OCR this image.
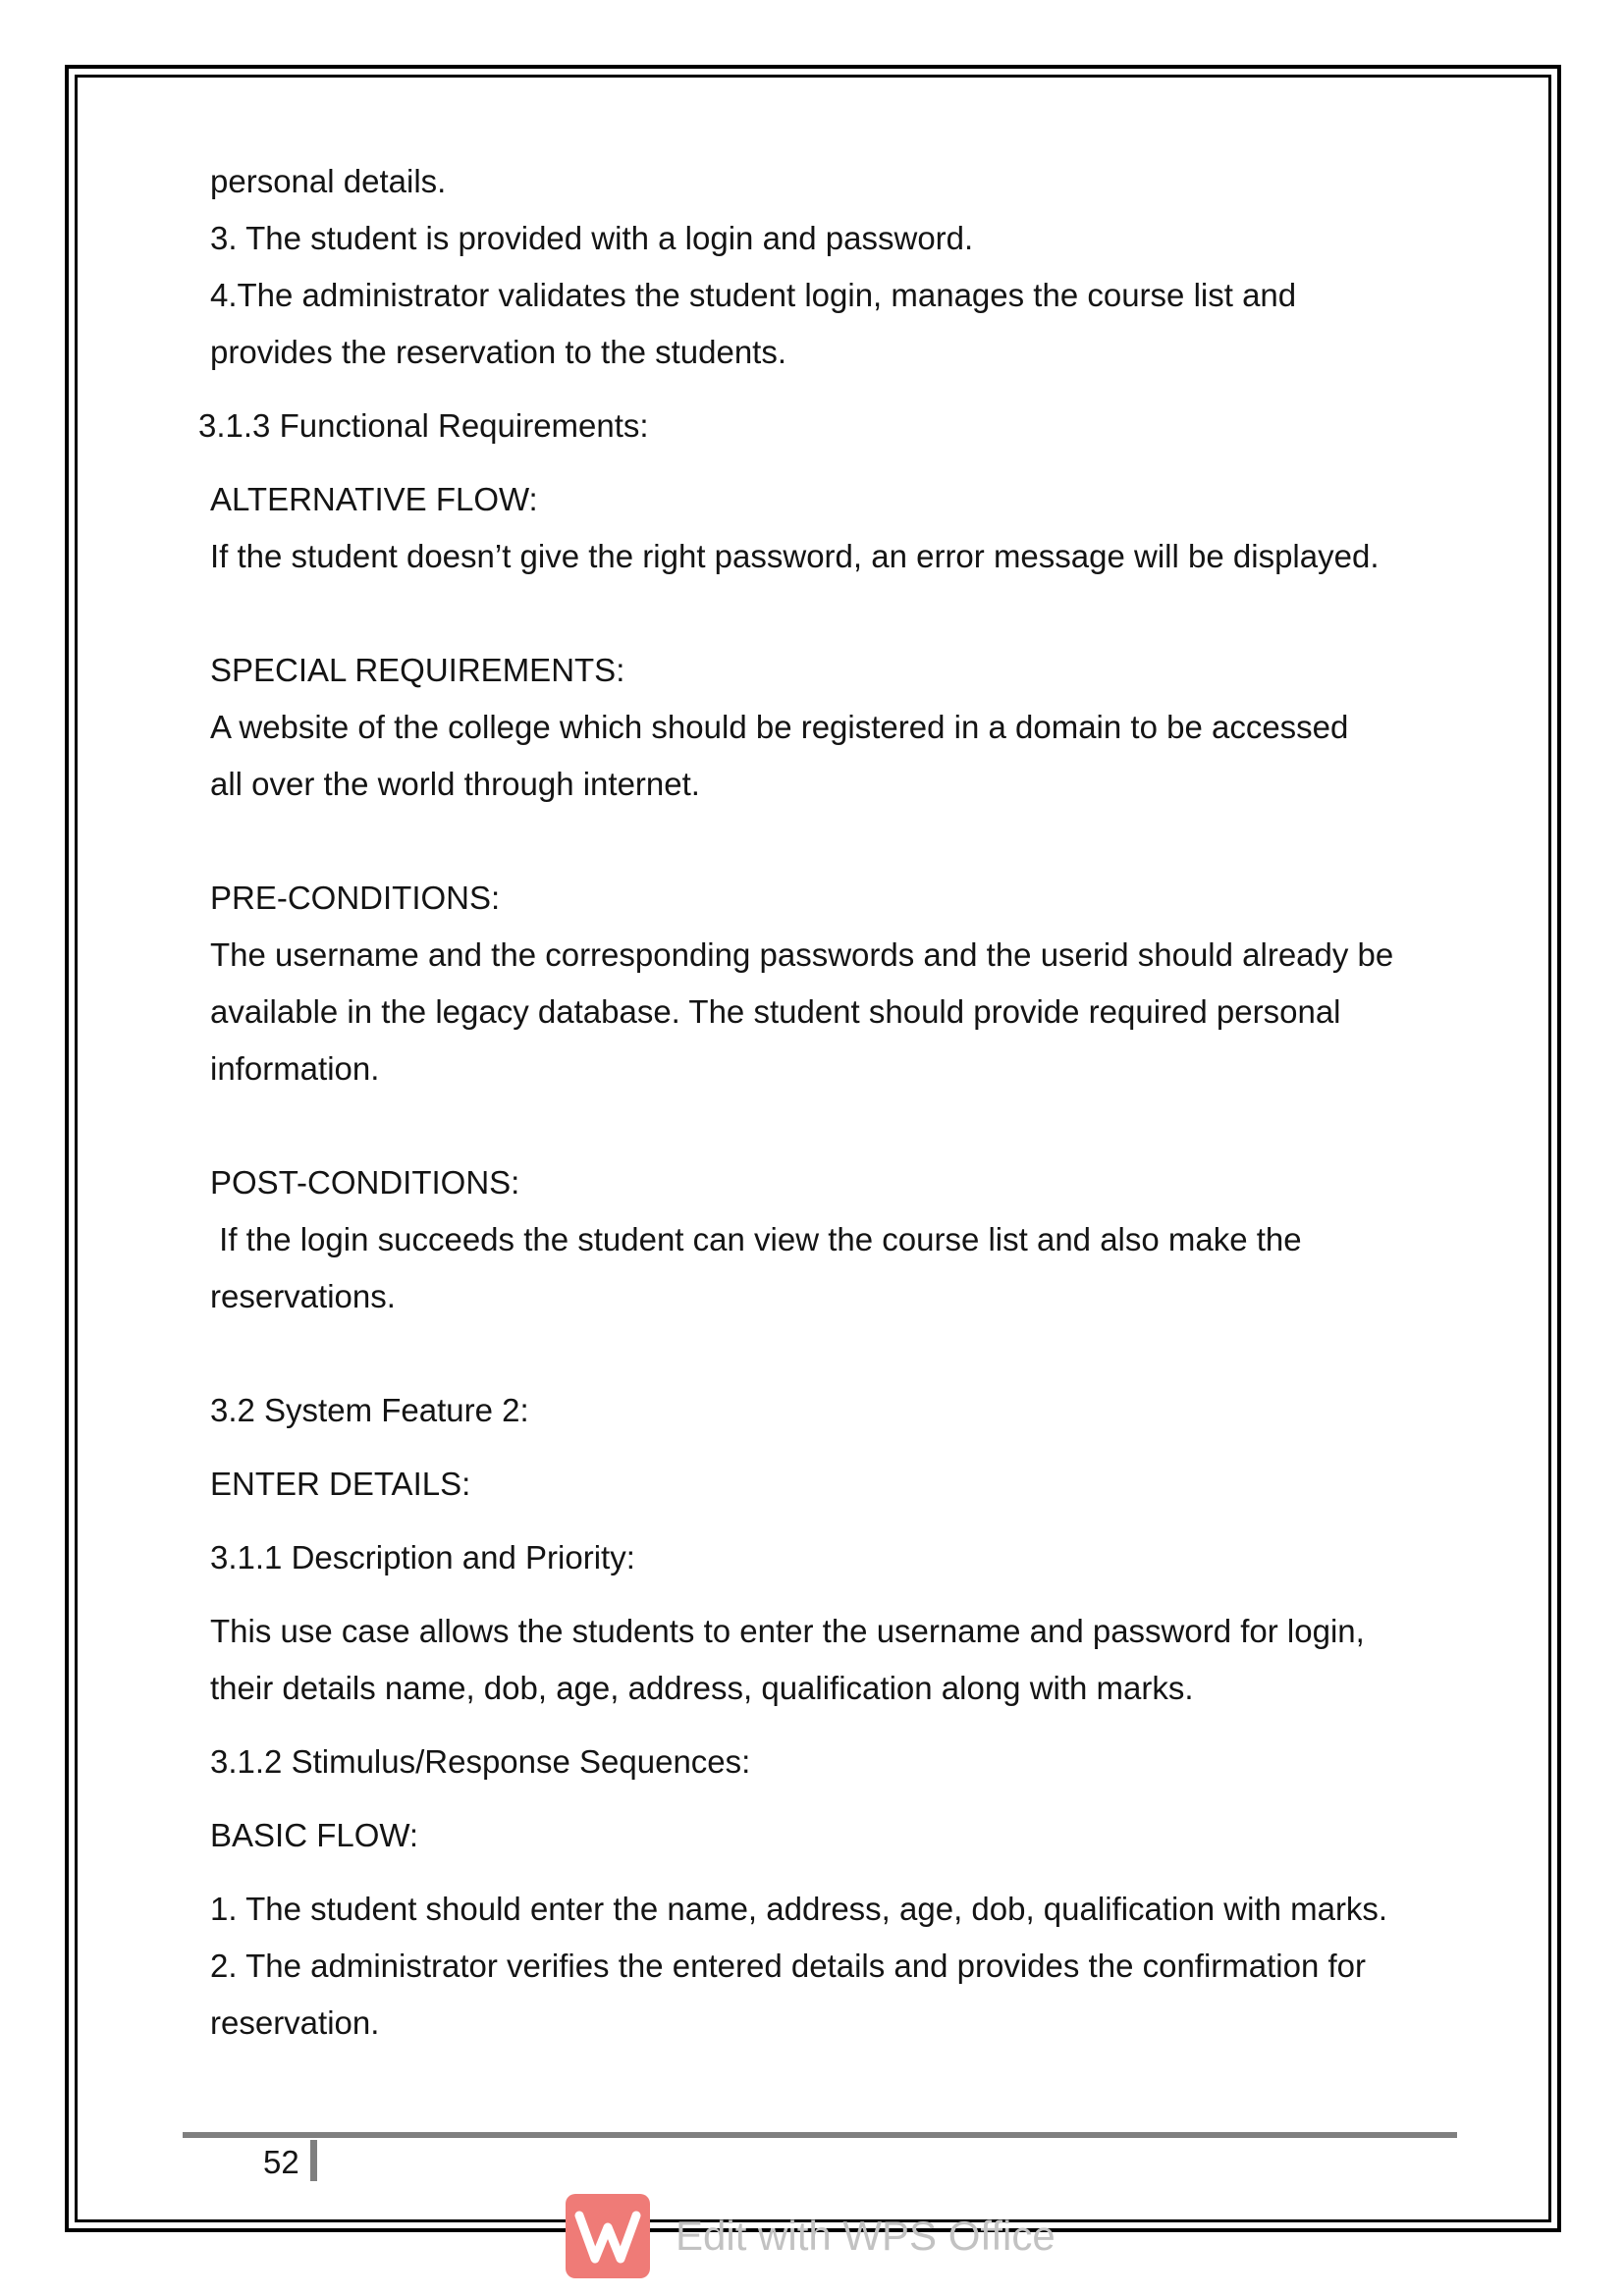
personal details.
3. The student is provided with a login and password.
4.The administrator validates the student login, manages the course list and
provides the reservation to the students.
3.1.3 Functional Requirements:
ALTERNATIVE FLOW:
If the student doesn’t give the right password, an error message will be displayed.
SPECIAL REQUIREMENTS:
A website of the college which should be registered in a domain to be accessed
all over the world through internet.
PRE-CONDITIONS:
The username and the corresponding passwords and the userid should already be
available in the legacy database. The student should provide required personal
information.
POST-CONDITIONS:
If the login succeeds the student can view the course list and also make the
reservations.
3.2 System Feature 2:
ENTER DETAILS:
3.1.1 Description and Priority:
This use case allows the students to enter the username and password for login,
their details name, dob, age, address, qualification along with marks.
3.1.2 Stimulus/Response Sequences:
BASIC FLOW:
1. The student should enter the name, address, age, dob, qualification with marks.
2. The administrator verifies the entered details and provides the confirmation for
reservation.
52
Edit with WPS Office
